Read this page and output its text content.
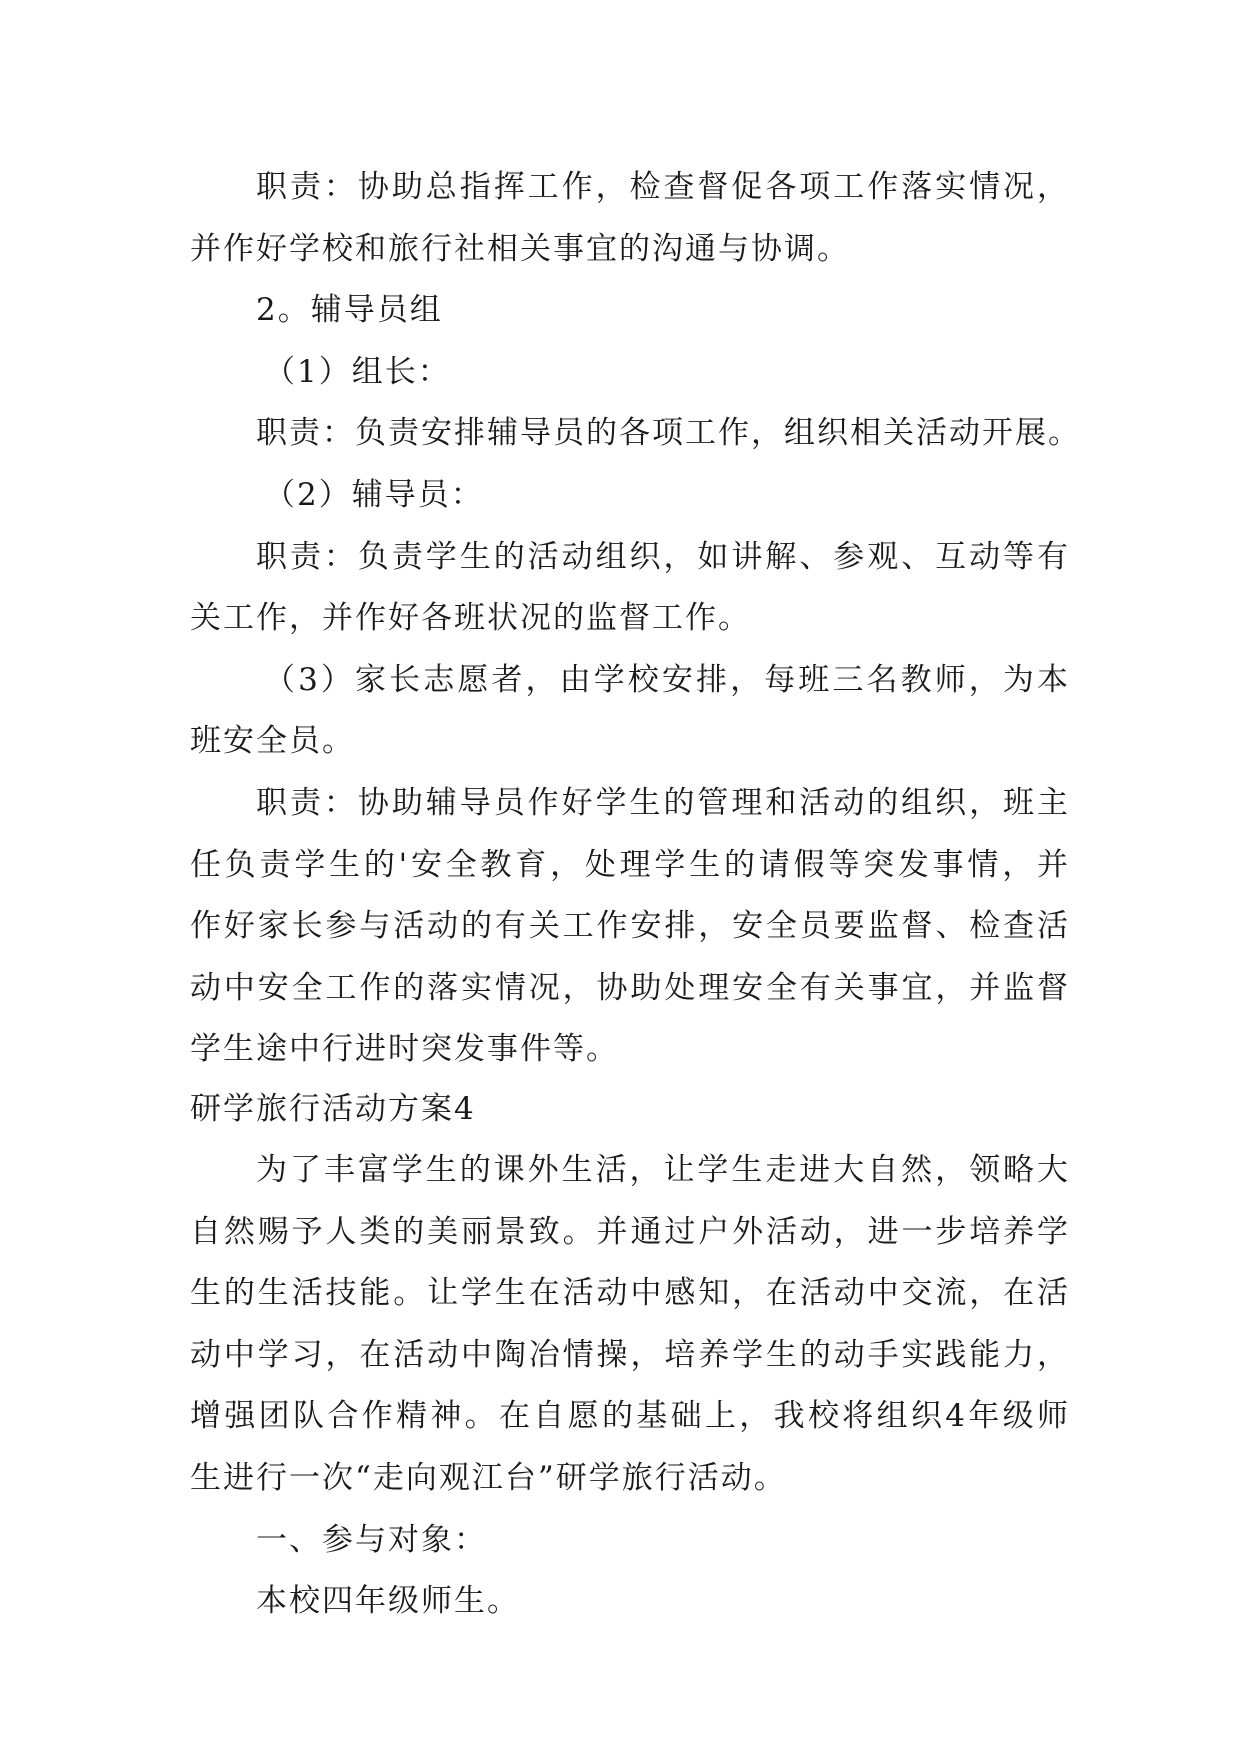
职责：协助总指挥工作，检查督促各项工作落实情况，
并作好学校和旅行社相关事宜的沟通与协调。
2。辅导员组
（1）组长：
职责：负责安排辅导员的各项工作，组织相关活动开展。
（2）辅导员：
职责：负责学生的活动组织，如讲解、参观、互动等有
关工作，并作好各班状况的监督工作。
（3）家长志愿者，由学校安排，每班三名教师，为本
班安全员。
职责：协助辅导员作好学生的管理和活动的组织，班主
任负责学生的'安全教育，处理学生的请假等突发事情，并
作好家长参与活动的有关工作安排，安全员要监督、检查活
动中安全工作的落实情况，协助处理安全有关事宜，并监督
学生途中行进时突发事件等。
研学旅行活动方案4
为了丰富学生的课外生活，让学生走进大自然，领略大
自然赐予人类的美丽景致。并通过户外活动，进一步培养学
生的生活技能。让学生在活动中感知，在活动中交流，在活
动中学习，在活动中陶冶情操，培养学生的动手实践能力，
增强团队合作精神。在自愿的基础上，我校将组织4年级师
生进行一次“走向观江台”研学旅行活动。
一、参与对象：
本校四年级师生。
